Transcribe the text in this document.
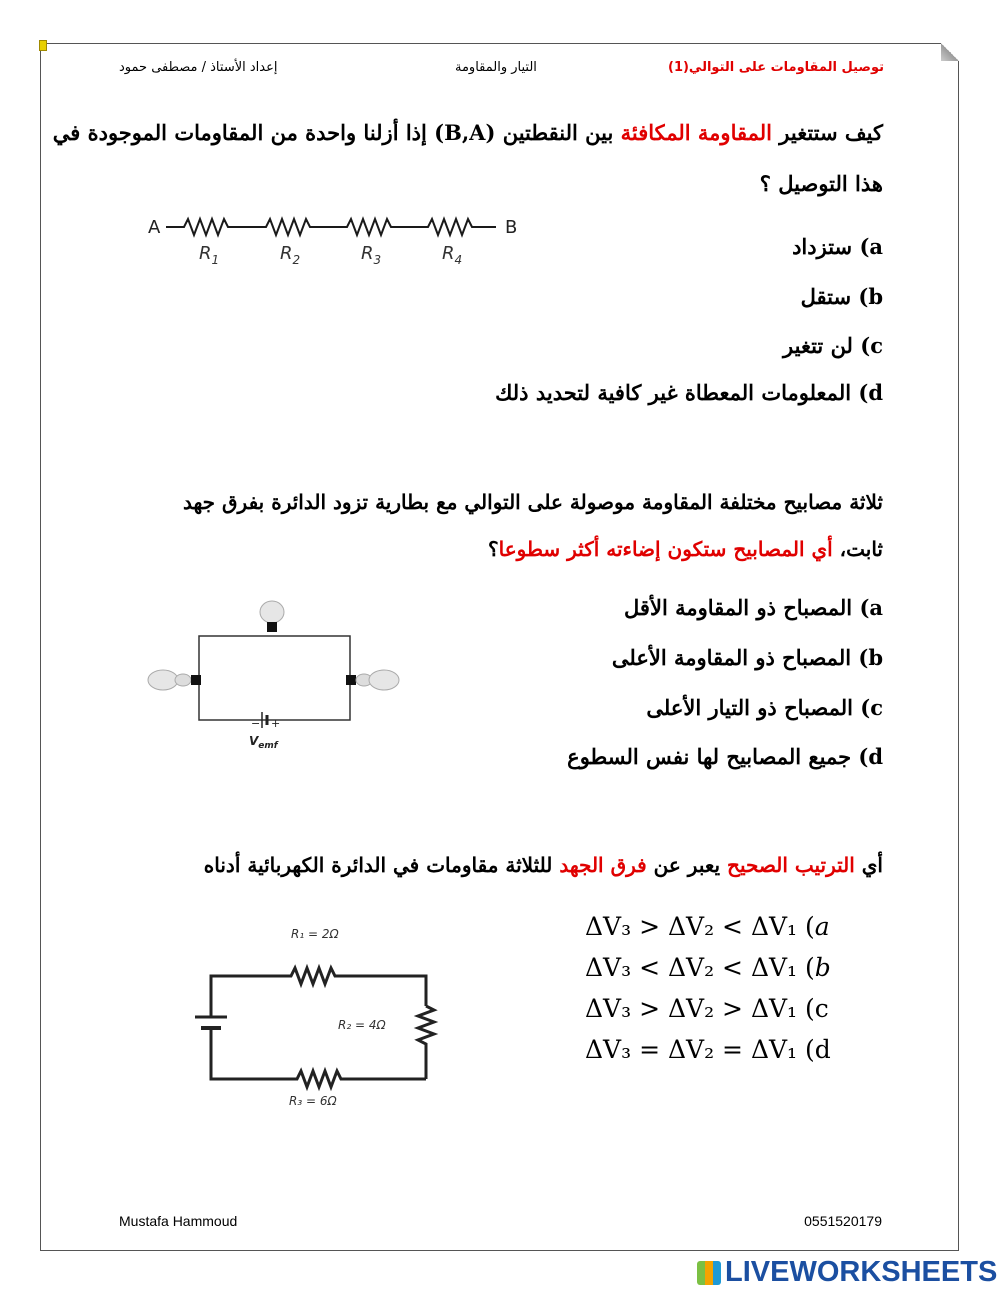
إعداد الأستاذ / مصطفى حمود	التيار والمقاومة	توصيل المقاومات على التوالي(1)
كيف ستتغير المقاومة المكافئة بين النقطتين (B,A) إذا أزلنا واحدة من المقاومات الموجودة في
هذا التوصيل ؟
A	B
$R_1$	$R_2$	$R_3$	$R_4$
a) ستزداد
b) ستقل
c) لن تتغير
d) المعلومات المعطاة غير كافية لتحديد ذلك
ثلاثة مصابيح مختلفة المقاومة موصولة على التوالي مع بطارية تزود الدائرة بفرق جهد
ثابت، أي المصابيح ستكون إضاءته أكثر سطوعا؟
− +
$V_{emf}$
a) المصباح ذو المقاومة الأقل
b) المصباح ذو المقاومة الأعلى
c) المصباح ذو التيار الأعلى
d) جميع المصابيح لها نفس السطوع
أي الترتيب الصحيح يعبر عن فرق الجهد للثلاثة مقاومات في الدائرة الكهربائية أدناه
R₁ = 2Ω
R₂ = 4Ω
R₃ = 6Ω
ΔV₃ > ΔV₂ < ΔV₁ (a
ΔV₃ < ΔV₂ < ΔV₁ (b
ΔV₃ > ΔV₂ > ΔV₁ (c
ΔV₃ = ΔV₂ = ΔV₁ (d
Mustafa Hammoud	0551520179
LIVEWORKSHEETS
